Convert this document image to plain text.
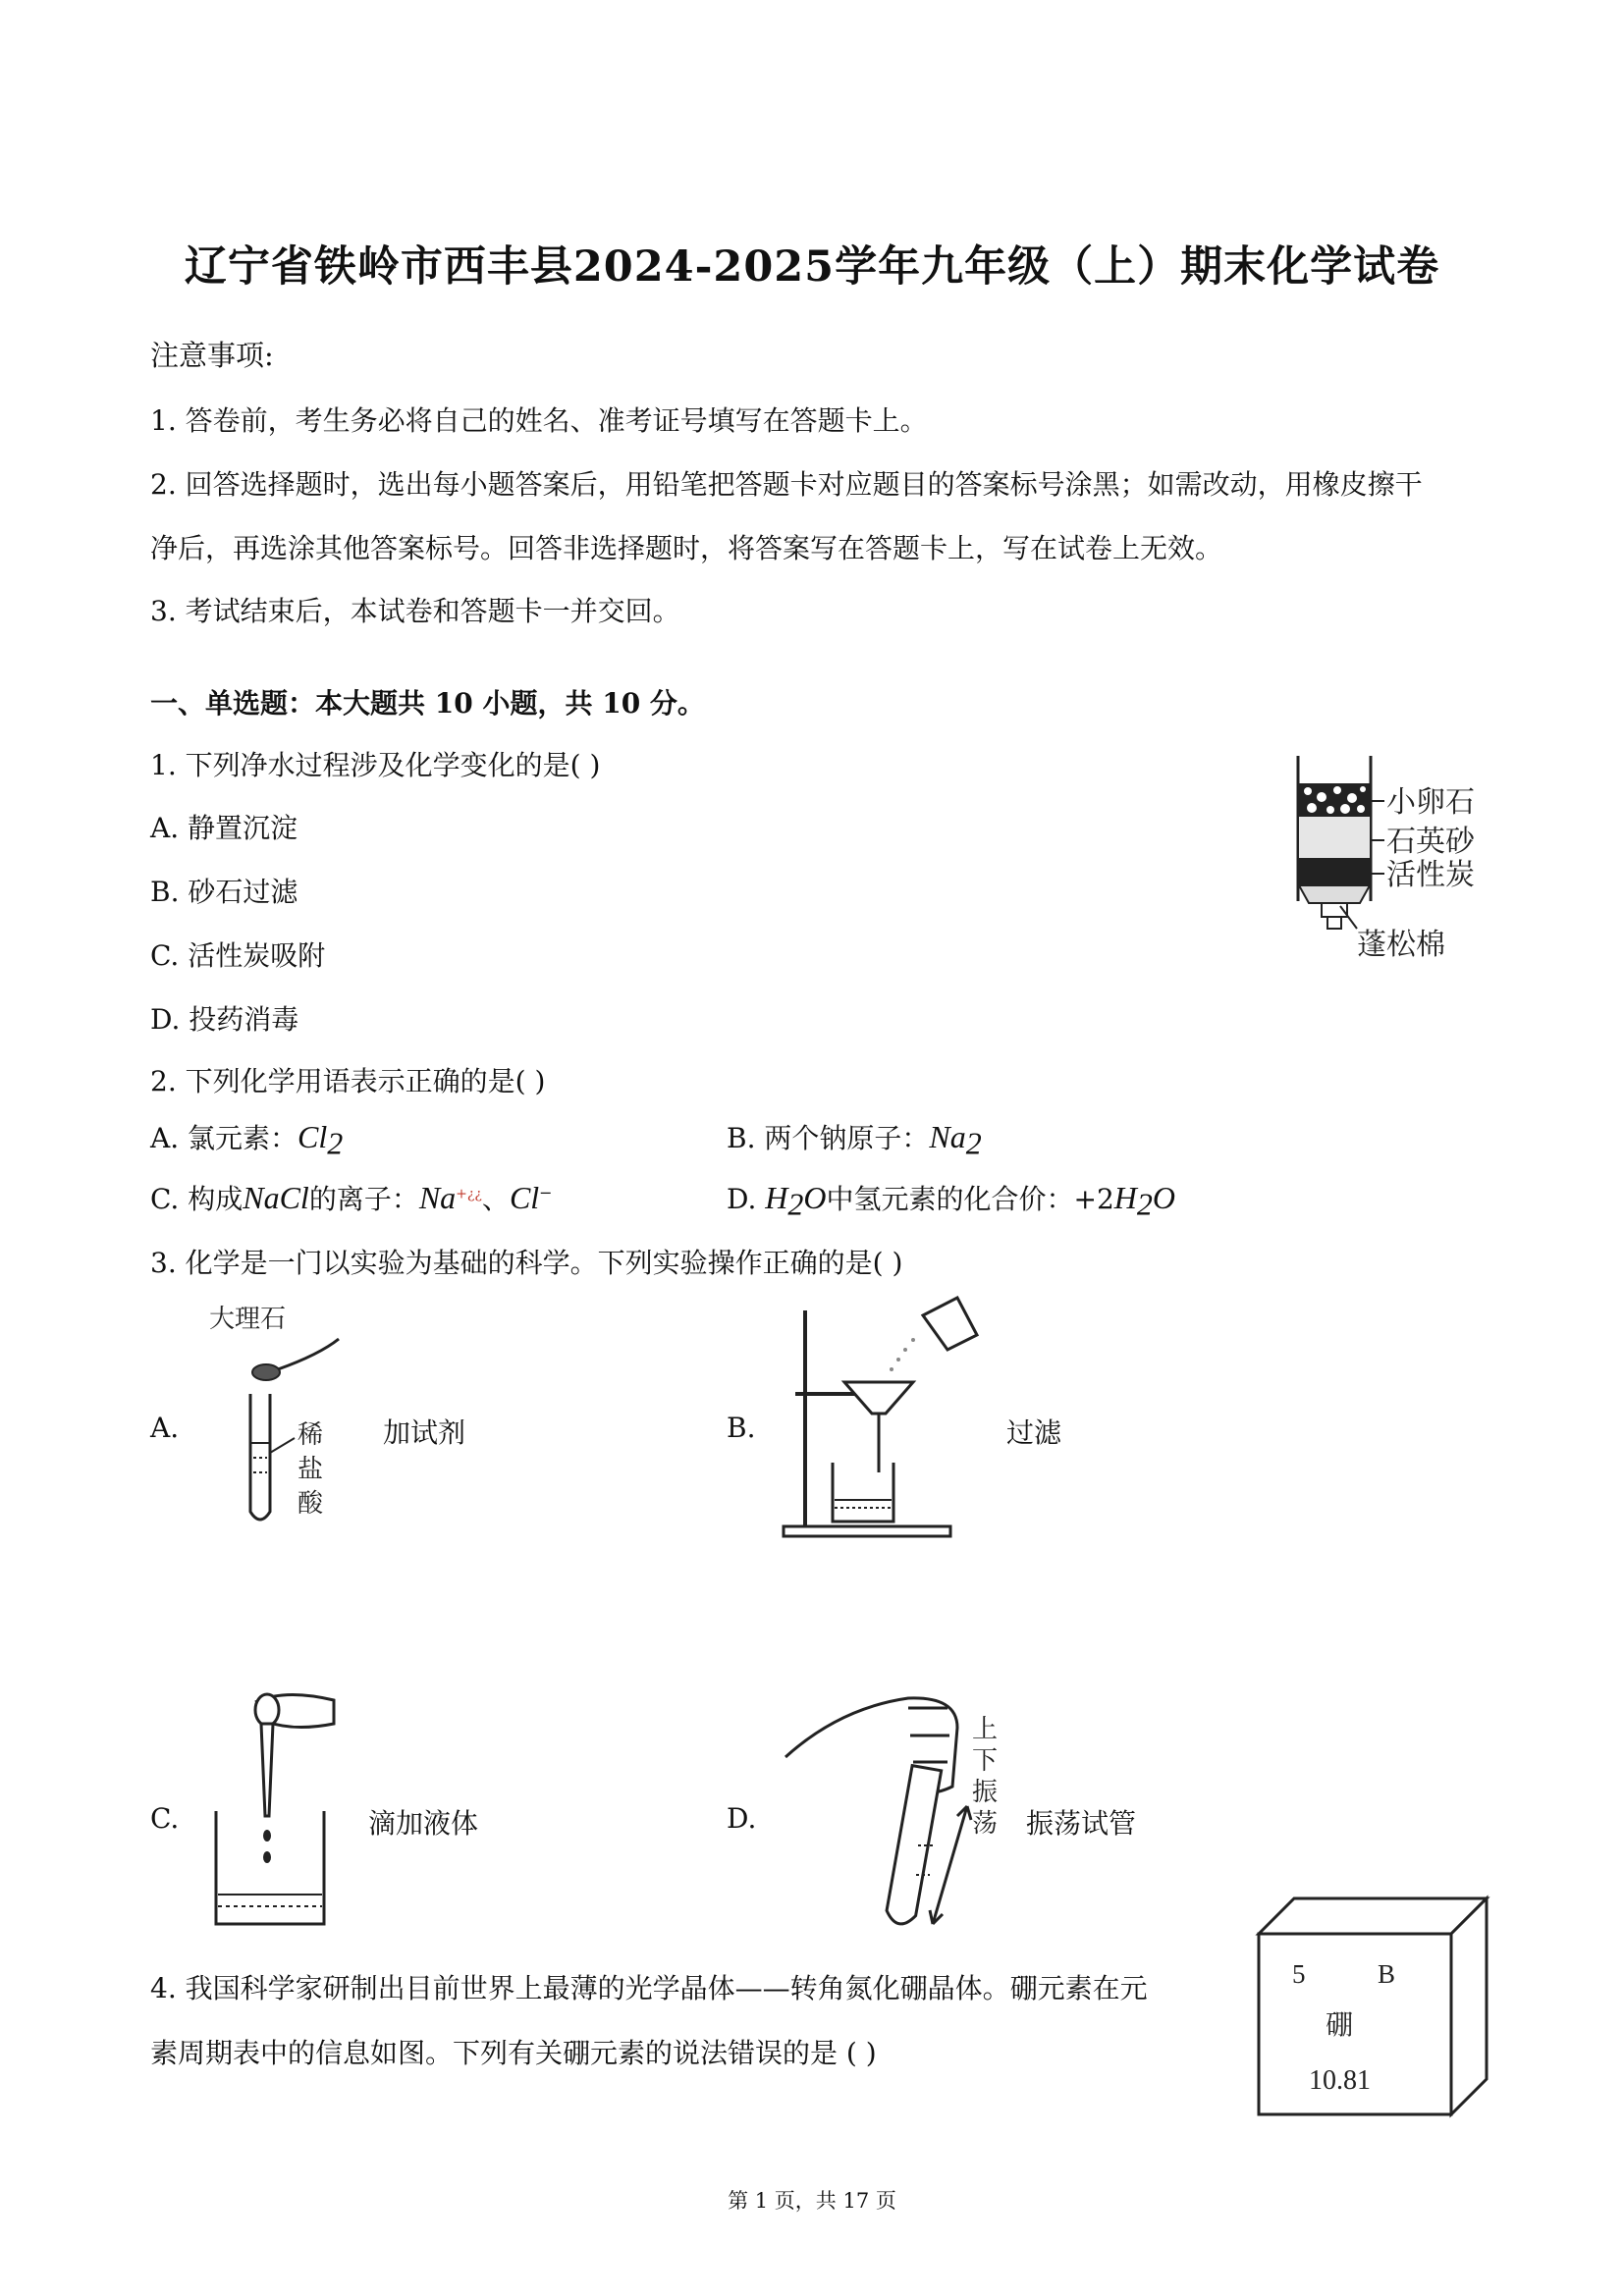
辽宁省铁岭市西丰县2024-2025学年九年级（上）期末化学试卷
注意事项:
1. 答卷前，考生务必将自己的姓名、准考证号填写在答题卡上。
2. 回答选择题时，选出每小题答案后，用铅笔把答题卡对应题目的答案标号涂黑；如需改动，用橡皮擦干
净后，再选涂其他答案标号。回答非选择题时，将答案写在答题卡上，写在试卷上无效。
3. 考试结束后，本试卷和答题卡一并交回。
一、单选题：本大题共 10 小题，共 10 分。
1. 下列净水过程涉及化学变化的是( )
A. 静置沉淀
B. 砂石过滤
C. 活性炭吸附
D. 投药消毒
小卵石
石英砂
活性炭
蓬松棉
2. 下列化学用语表示正确的是( )
A. 氯元素：$Cl_2$	B. 两个钠原子：$Na_2$
C. 构成NaCl的离子：Na+¿¿、Cl−	D. $H_2O$中氢元素的化合价：$+2H_2O$
3. 化学是一门以实验为基础的科学。下列实验操作正确的是( )
A.
大理石
稀
盐
酸
加试剂	B.	过滤
C.	滴加液体	D.
上
下
振
荡 振荡试管
4. 我国科学家研制出目前世界上最薄的光学晶体——转角氮化硼晶体。硼元素在元
素周期表中的信息如图。下列有关硼元素的说法错误的是 ( )
5	B
硼
10.81
第 1 页，共 17 页
